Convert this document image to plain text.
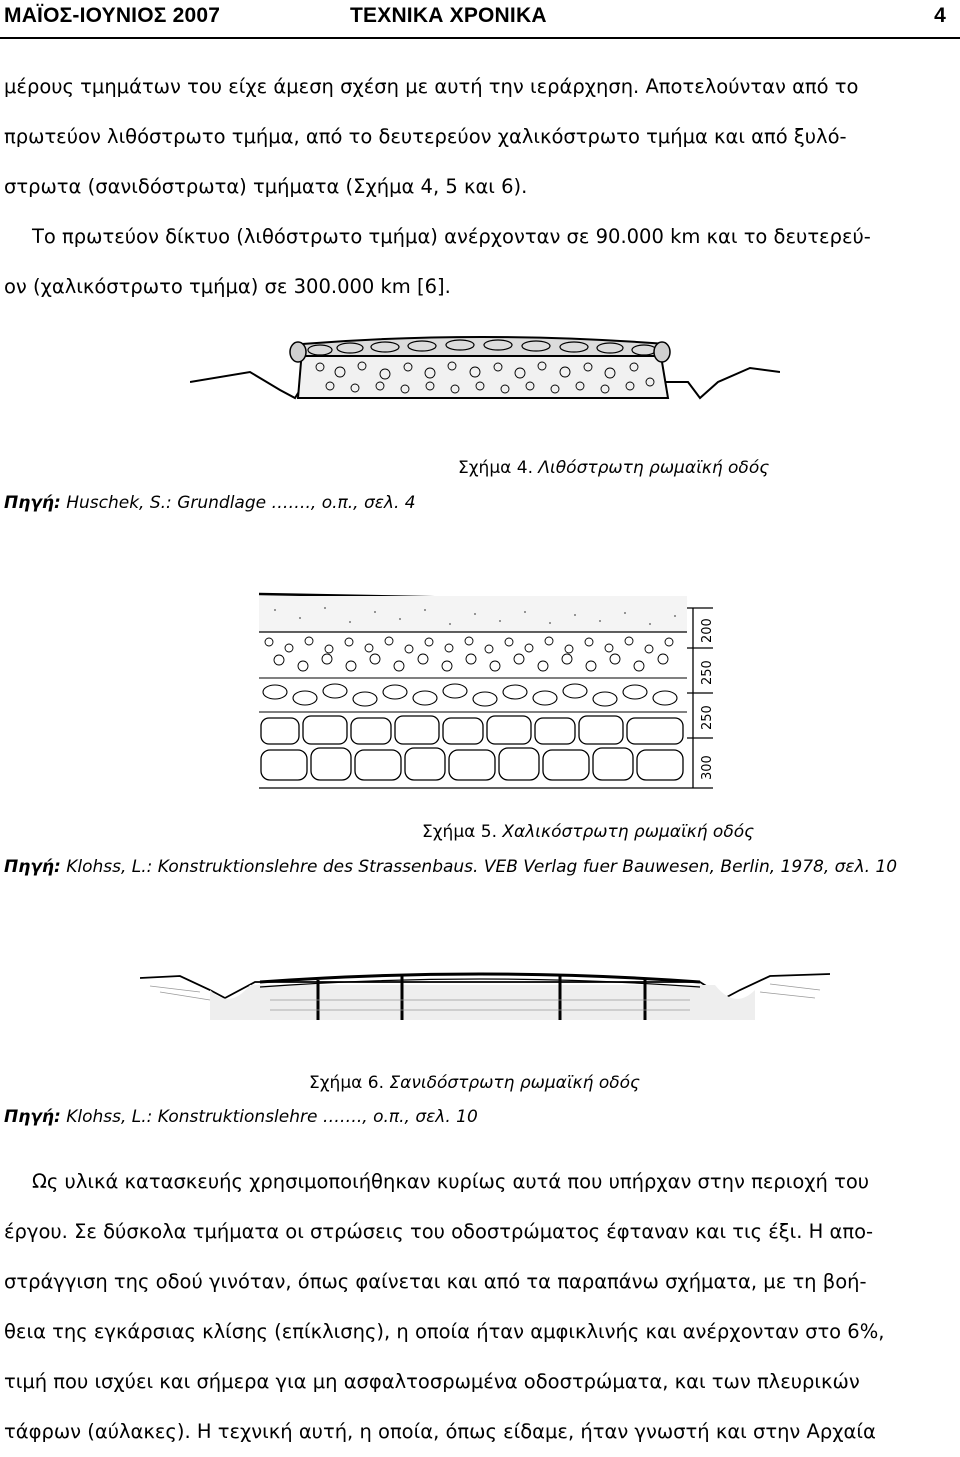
ΜΑΪΟΣ-ΙΟΥΝΙΟΣ 2007	ΤΕΧΝΙΚΑ ΧΡΟΝΙΚΑ	4
μέρους τμημάτων του είχε άμεση σχέση με αυτή την ιεράρχηση. Αποτελούνταν από το
πρωτεύον λιθόστρωτο τμήμα, από το δευτερεύον χαλικόστρωτο τμήμα και από ξυλό-
στρωτα (σανιδόστρωτα) τμήματα (Σχήμα 4, 5 και 6).
Το πρωτεύον δίκτυο (λιθόστρωτο τμήμα) ανέρχονταν σε 90.000 km και το δευτερεύ-
ον (χαλικόστρωτο τμήμα) σε 300.000 km [6].
Σχήμα 4. Λιθόστρωτη ρωμαϊκή οδός
Πηγή: Huschek, S.: Grundlage ……., ο.π., σελ. 4
200
250
250
300
Σχήμα 5. Χαλικόστρωτη ρωμαϊκή οδός
Πηγή: Klohss, L.: Konstruktionslehre des Strassenbaus. VEB Verlag fuer Bauwesen, Berlin, 1978, σελ. 10
Σχήμα 6. Σανιδόστρωτη ρωμαϊκή οδός
Πηγή: Klohss, L.: Konstruktionslehre ……., ο.π., σελ. 10
Ως υλικά κατασκευής χρησιμοποιήθηκαν κυρίως αυτά που υπήρχαν στην περιοχή του
έργου. Σε δύσκολα τμήματα οι στρώσεις του οδοστρώματος έφταναν και τις έξι. Η απο-
στράγγιση της οδού γινόταν, όπως φαίνεται και από τα παραπάνω σχήματα, με τη βοή-
θεια της εγκάρσιας κλίσης (επίκλισης), η οποία ήταν αμφικλινής και ανέρχονταν στο 6%,
τιμή που ισχύει και σήμερα για μη ασφαλτοσρωμένα οδοστρώματα, και των πλευρικών
τάφρων (αύλακες). Η τεχνική αυτή, η οποία, όπως είδαμε, ήταν γνωστή και στην Αρχαία
